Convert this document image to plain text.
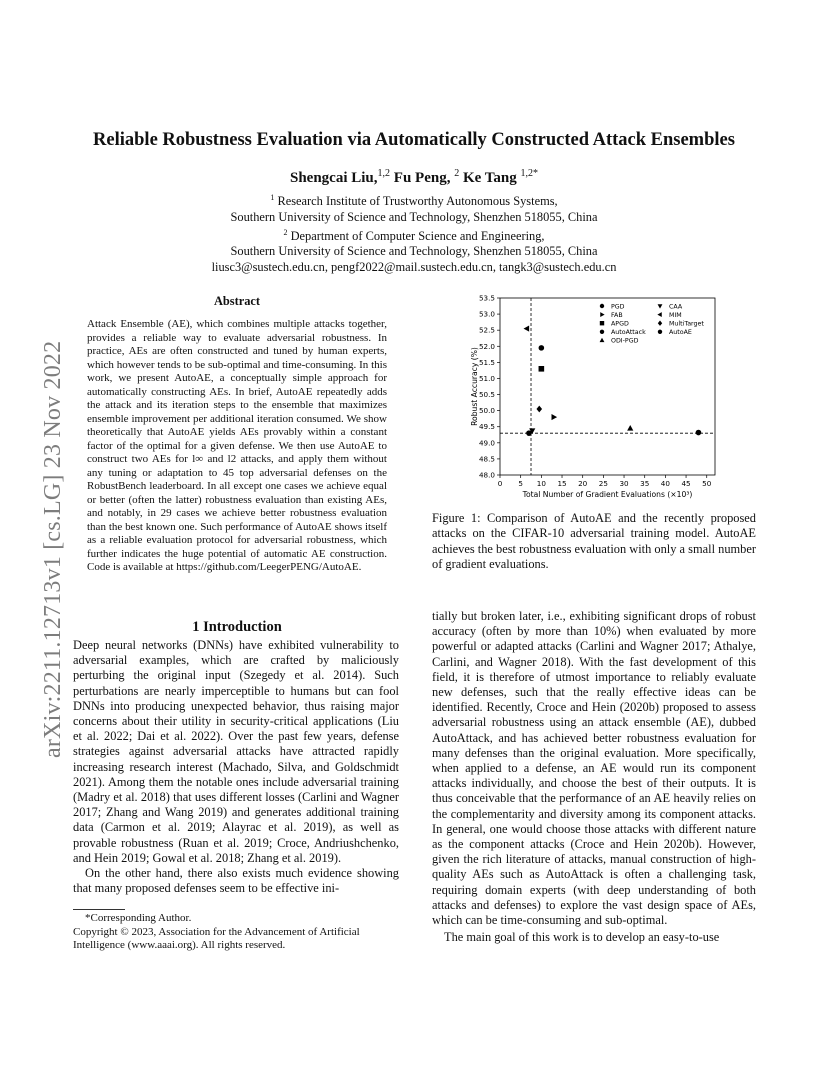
arXiv:2211.12713v1 [cs.LG] 23 Nov 2022
Reliable Robustness Evaluation via Automatically Constructed Attack Ensembles
Shengcai Liu,$^{1,2}$ Fu Peng, $^2$ Ke Tang $^{1,2*}$
$^1$ Research Institute of Trustworthy Autonomous Systems,
Southern University of Science and Technology, Shenzhen 518055, China
$^2$ Department of Computer Science and Engineering,
Southern University of Science and Technology, Shenzhen 518055, China
liusc3@sustech.edu.cn, pengf2022@mail.sustech.edu.cn, tangk3@sustech.edu.cn
Abstract
Attack Ensemble (AE), which combines multiple attacks together, provides a reliable way to evaluate adversarial robustness. In practice, AEs are often constructed and tuned by human experts, which however tends to be sub-optimal and time-consuming. In this work, we present AutoAE, a conceptually simple approach for automatically constructing AEs. In brief, AutoAE repeatedly adds the attack and its iteration steps to the ensemble that maximizes ensemble improvement per additional iteration consumed. We show theoretically that AutoAE yields AEs provably within a constant factor of the optimal for a given defense. We then use AutoAE to construct two AEs for l∞ and l2 attacks, and apply them without any tuning or adaptation to 45 top adversarial defenses on the RobustBench leaderboard. In all except one cases we achieve equal or better (often the latter) robustness evaluation than existing AEs, and notably, in 29 cases we achieve better robustness evaluation than the best known one. Such performance of AutoAE shows itself as a reliable evaluation protocol for adversarial robustness, which further indicates the huge potential of automatic AE construction. Code is available at https://github.com/LeegerPENG/AutoAE.
1 Introduction

Deep neural networks (DNNs) have exhibited vulnerability to adversarial examples, which are crafted by maliciously perturbing the original input (Szegedy et al. 2014). Such perturbations are nearly imperceptible to humans but can fool DNNs into producing unexpected behavior, thus raising major concerns about their utility in security-critical applications (Liu et al. 2022; Dai et al. 2022). Over the past few years, defense strategies against adversarial attacks have attracted rapidly increasing research interest (Machado, Silva, and Goldschmidt 2021). Among them the notable ones include adversarial training (Madry et al. 2018) that uses different losses (Carlini and Wagner 2017; Zhang and Wang 2019) and generates additional training data (Carmon et al. 2019; Alayrac et al. 2019), as well as provable robustness (Ruan et al. 2019; Croce, Andriushchenko, and Hein 2019; Gowal et al. 2018; Zhang et al. 2019).

On the other hand, there also exists much evidence showing that many proposed defenses seem to be effective ini-

*Corresponding Author.
Copyright © 2023, Association for the Advancement of Artificial Intelligence (www.aaai.org). All rights reserved.
0 5 10 15 20 25 30 35 40 45 50
48.0
48.5
49.0
49.5
50.0
50.5
51.0
51.5
52.0
52.5
53.0
53.5
Total Number of Gradient Evaluations (×10³)
Robust Accuracy (%)
PGD
FAB
APGD
AutoAttack
ODI-PGD
CAA
MIM
MultiTarget
AutoAE
Figure 1: Comparison of AutoAE and the recently proposed attacks on the CIFAR-10 adversarial training model. AutoAE achieves the best robustness evaluation with only a small number of gradient evaluations.

tially but broken later, i.e., exhibiting significant drops of robust accuracy (often by more than 10%) when evaluated by more powerful or adapted attacks (Carlini and Wagner 2017; Athalye, Carlini, and Wagner 2018). With the fast development of this field, it is therefore of utmost importance to reliably evaluate new defenses, such that the really effective ideas can be identified. Recently, Croce and Hein (2020b) proposed to assess adversarial robustness using an attack ensemble (AE), dubbed AutoAttack, and has achieved better robustness evaluation for many defenses than the original evaluation. More specifically, when applied to a defense, an AE would run its component attacks individually, and choose the best of their outputs. It is thus conceivable that the performance of an AE heavily relies on the complementarity and diversity among its component attacks. In general, one would choose those attacks with different nature as the component attacks (Croce and Hein 2020b). However, given the rich literature of attacks, manual construction of high-quality AEs such as AutoAttack is often a challenging task, requiring domain experts (with deep understanding of both attacks and defenses) to explore the vast design space of AEs, which can be time-consuming and sub-optimal.

The main goal of this work is to develop an easy-to-use
